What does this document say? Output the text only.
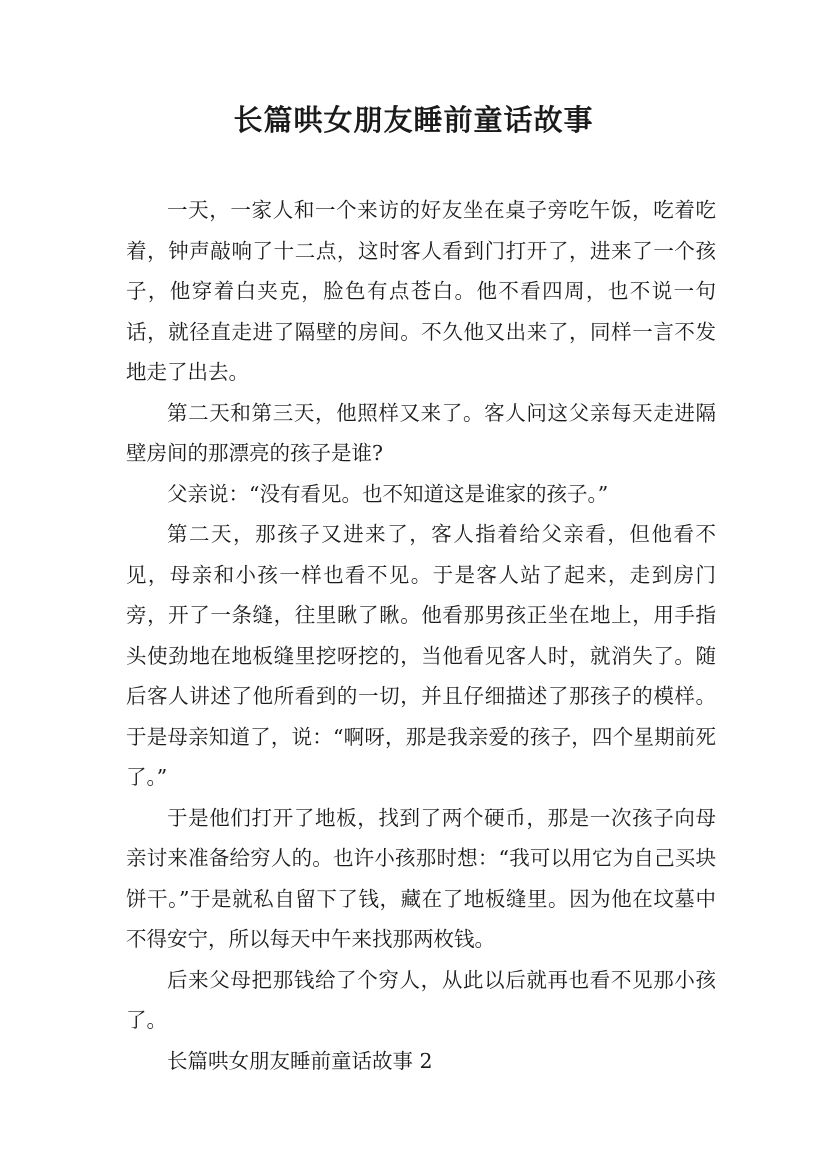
长篇哄女朋友睡前童话故事

一天，一家人和一个来访的好友坐在桌子旁吃午饭，吃着吃着，钟声敲响了十二点，这时客人看到门打开了，进来了一个孩子，他穿着白夹克，脸色有点苍白。他不看四周，也不说一句话，就径直走进了隔壁的房间。不久他又出来了，同样一言不发地走了出去。

第二天和第三天，他照样又来了。客人问这父亲每天走进隔壁房间的那漂亮的孩子是谁?

父亲说：“没有看见。也不知道这是谁家的孩子。”

第二天，那孩子又进来了，客人指着给父亲看，但他看不见，母亲和小孩一样也看不见。于是客人站了起来，走到房门旁，开了一条缝，往里瞅了瞅。他看那男孩正坐在地上，用手指头使劲地在地板缝里挖呀挖的，当他看见客人时，就消失了。随后客人讲述了他所看到的一切，并且仔细描述了那孩子的模样。于是母亲知道了，说：“啊呀，那是我亲爱的孩子，四个星期前死了。”

于是他们打开了地板，找到了两个硬币，那是一次孩子向母亲讨来准备给穷人的。也许小孩那时想：“我可以用它为自己买块饼干。”于是就私自留下了钱，藏在了地板缝里。因为他在坟墓中不得安宁，所以每天中午来找那两枚钱。

后来父母把那钱给了个穷人，从此以后就再也看不见那小孩了。

长篇哄女朋友睡前童话故事 2
